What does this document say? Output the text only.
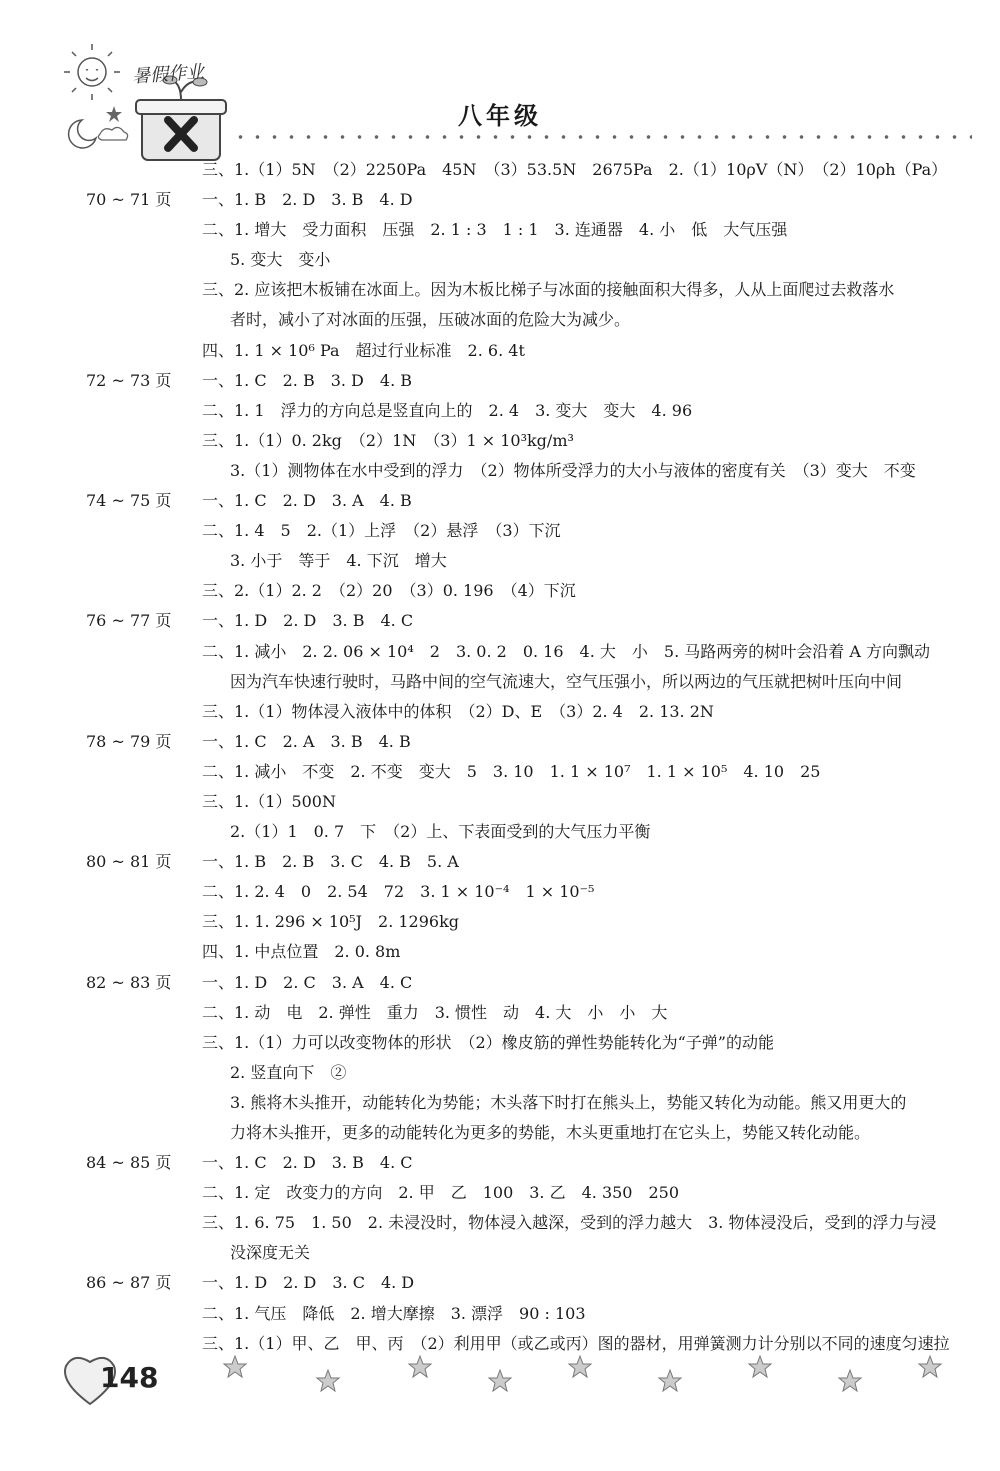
暑假作业
八年级
三、1.（1）5N　（2）2250Pa　45N　（3）53.5N　2675Pa　2.（1）10ρV（N）　（2）10ρh（Pa）
70 ~ 71 页 一、1. B　2. D　3. B　4. D
二、1. 增大　受力面积　压强　2. 1 : 3　1 : 1　3. 连通器　4. 小　低　大气压强
5. 变大　变小
三、2. 应该把木板铺在冰面上。因为木板比梯子与冰面的接触面积大得多，人从上面爬过去救落水
者时，减小了对冰面的压强，压破冰面的危险大为减少。
四、1. 1 × 10⁶ Pa　超过行业标准　2. 6. 4t
72 ~ 73 页 一、1. C　2. B　3. D　4. B
二、1. 1　浮力的方向总是竖直向上的　2. 4　3. 变大　变大　4. 96
三、1.（1）0. 2kg　（2）1N　（3）1 × 10³kg/m³
3.（1）测物体在水中受到的浮力　（2）物体所受浮力的大小与液体的密度有关　（3）变大　不变
74 ~ 75 页 一、1. C　2. D　3. A　4. B
二、1. 4　5　2.（1）上浮　（2）悬浮　（3）下沉
3. 小于　等于　4. 下沉　增大
三、2.（1）2. 2　（2）20　（3）0. 196　（4）下沉
76 ~ 77 页 一、1. D　2. D　3. B　4. C
二、1. 减小　2. 2. 06 × 10⁴　2　3. 0. 2　0. 16　4. 大　小　5. 马路两旁的树叶会沿着 A 方向飘动
因为汽车快速行驶时，马路中间的空气流速大，空气压强小，所以两边的气压就把树叶压向中间
三、1.（1）物体浸入液体中的体积　（2）D、E　（3）2. 4　2. 13. 2N
78 ~ 79 页 一、1. C　2. A　3. B　4. B
二、1. 减小　不变　2. 不变　变大　5　3. 10　1. 1 × 10⁷　1. 1 × 10⁵　4. 10　25
三、1.（1）500N
2.（1）1　0. 7　下　（2）上、下表面受到的大气压力平衡
80 ~ 81 页 一、1. B　2. B　3. C　4. B　5. A
二、1. 2. 4　0　2. 54　72　3. 1 × 10⁻⁴　1 × 10⁻⁵
三、1. 1. 296 × 10⁵J　2. 1296kg
四、1. 中点位置　2. 0. 8m
82 ~ 83 页 一、1. D　2. C　3. A　4. C
二、1. 动　电　2. 弹性　重力　3. 惯性　动　4. 大　小　小　大
三、1.（1）力可以改变物体的形状　（2）橡皮筋的弹性势能转化为“子弹”的动能
2. 竖直向下　②
3. 熊将木头推开，动能转化为势能；木头落下时打在熊头上，势能又转化为动能。熊又用更大的
力将木头推开，更多的动能转化为更多的势能，木头更重地打在它头上，势能又转化动能。
84 ~ 85 页 一、1. C　2. D　3. B　4. C
二、1. 定　改变力的方向　2. 甲　乙　100　3. 乙　4. 350　250
三、1. 6. 75　1. 50　2. 未浸没时，物体浸入越深，受到的浮力越大　3. 物体浸没后，受到的浮力与浸
没深度无关
86 ~ 87 页 一、1. D　2. D　3. C　4. D
二、1. 气压　降低　2. 增大摩擦　3. 漂浮　90 : 103
三、1.（1）甲、乙　甲、丙　（2）利用甲（或乙或丙）图的器材，用弹簧测力计分别以不同的速度匀速拉
148
